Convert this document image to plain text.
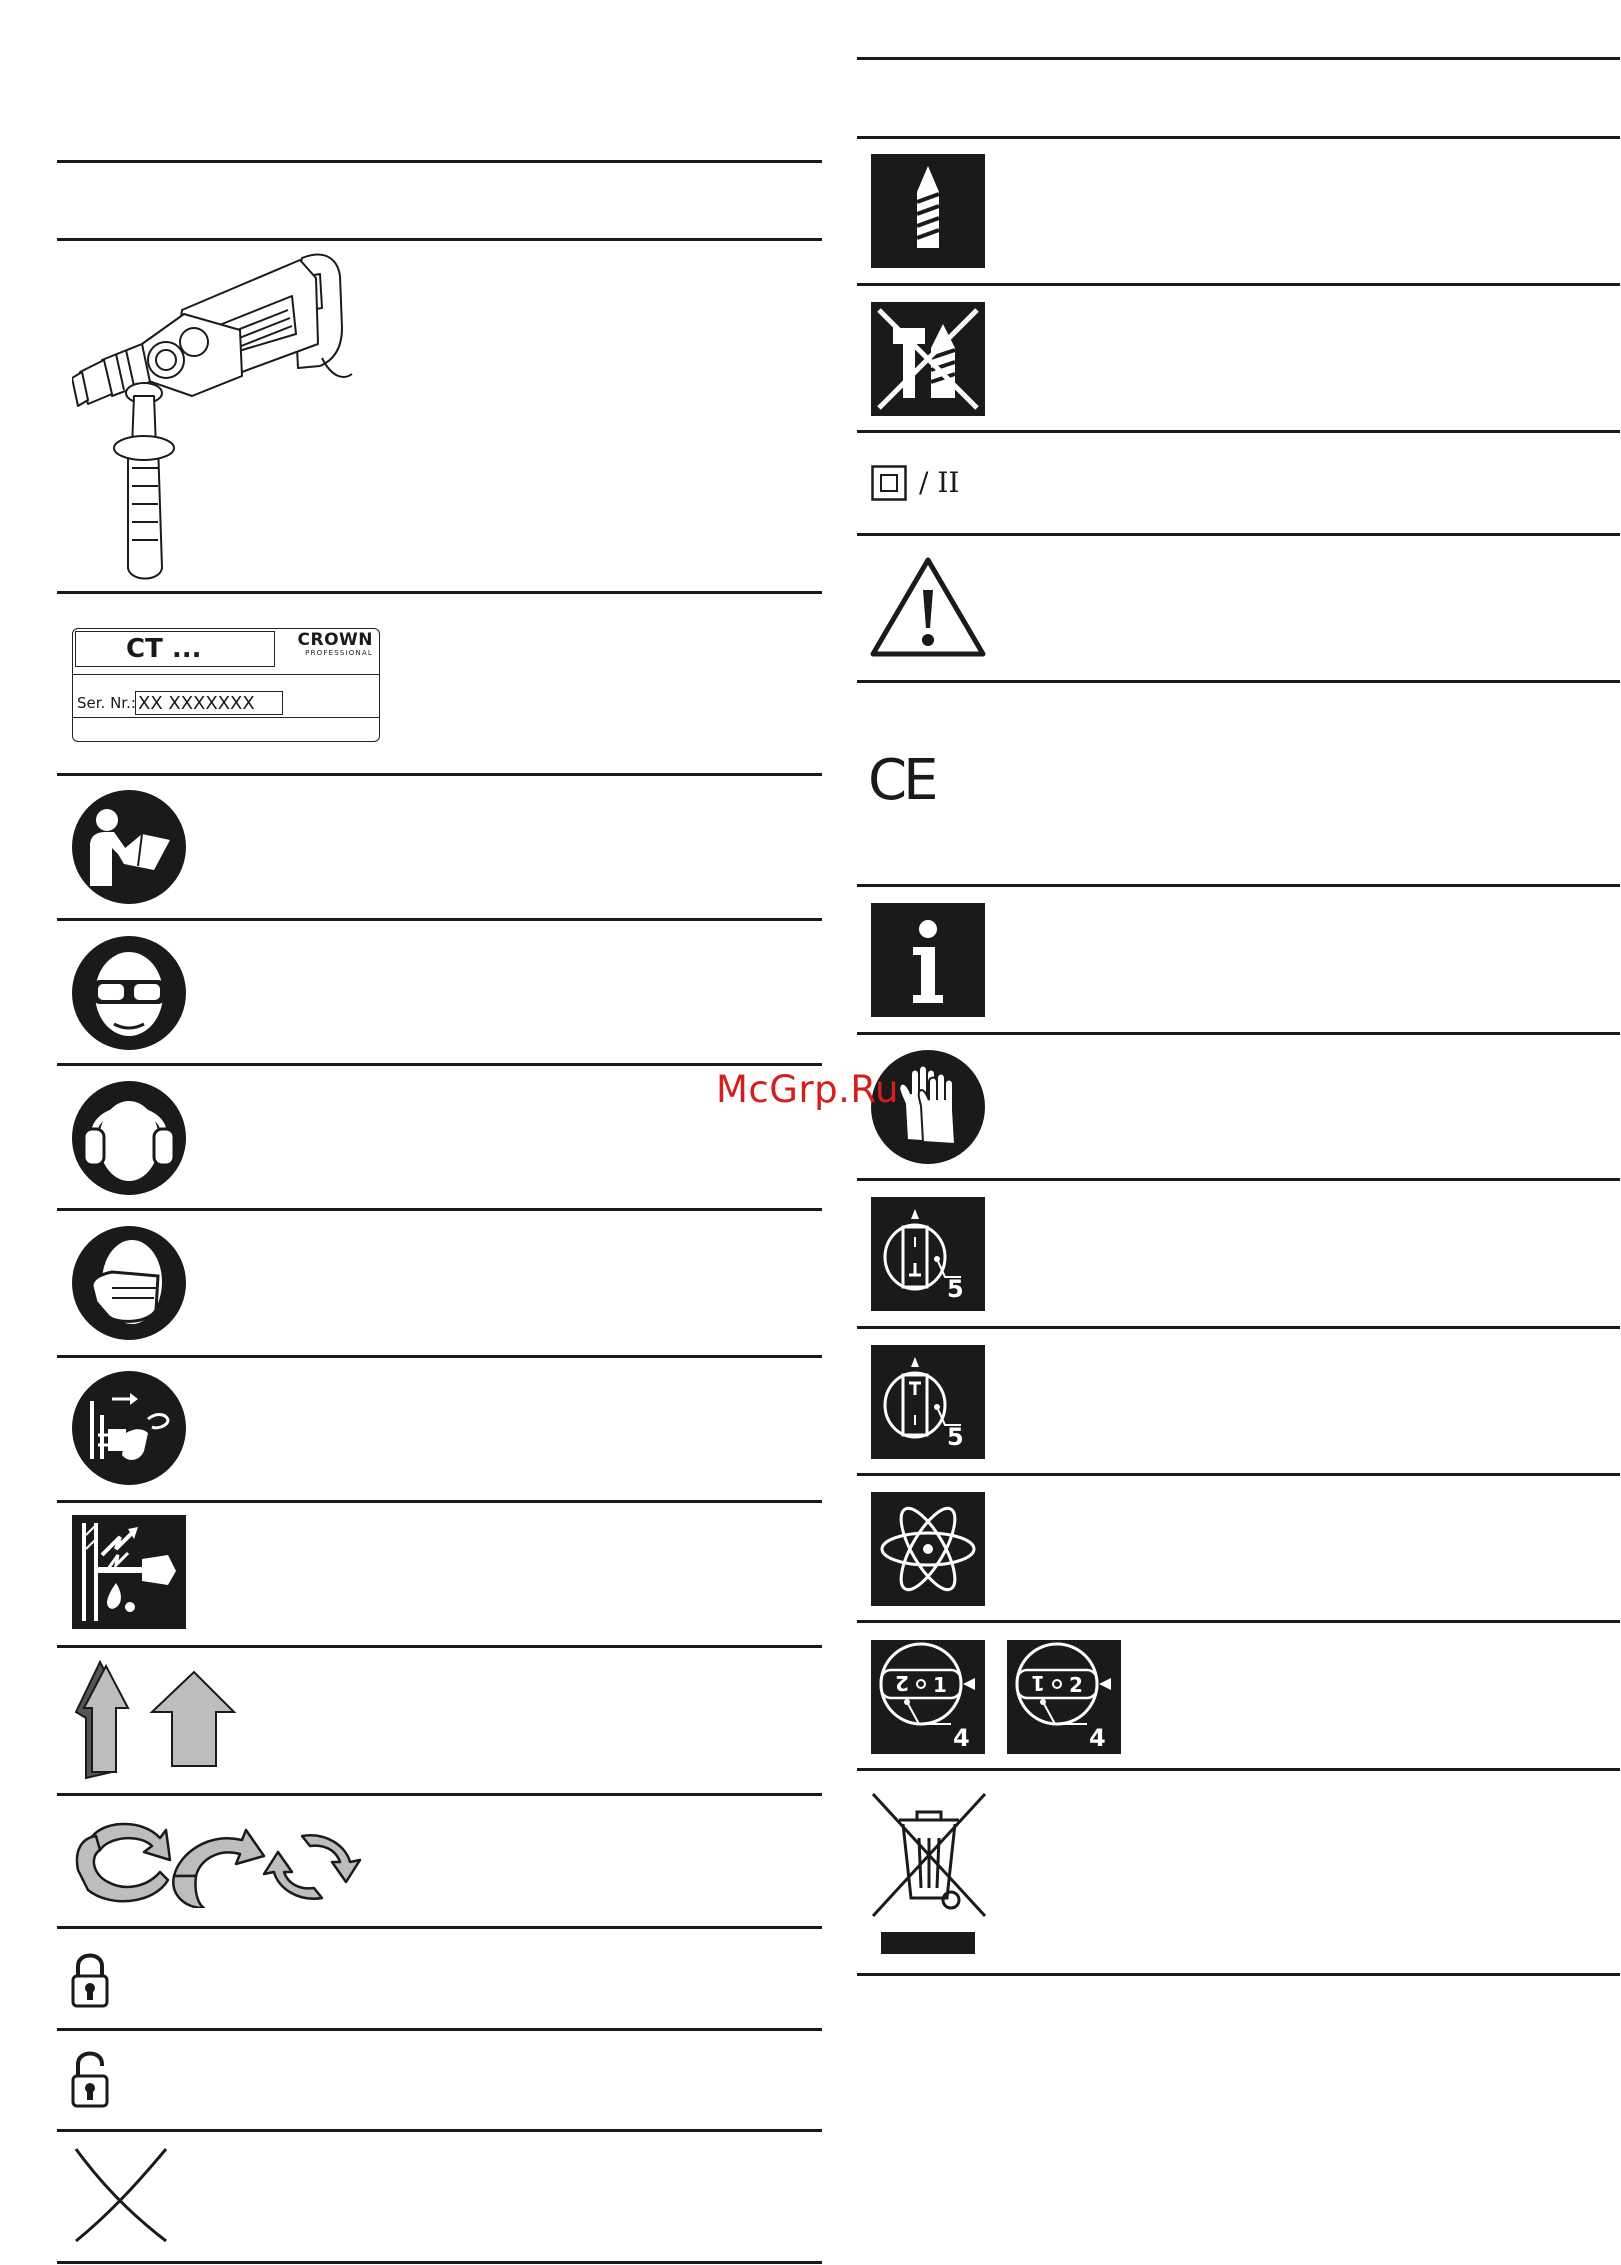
CT ...	CROWN
PROFESSIONAL
Ser. Nr.: XX XXXXXXX
/ II
CE
5
5
2 1
4
1 2
4
McGrp.Ru
